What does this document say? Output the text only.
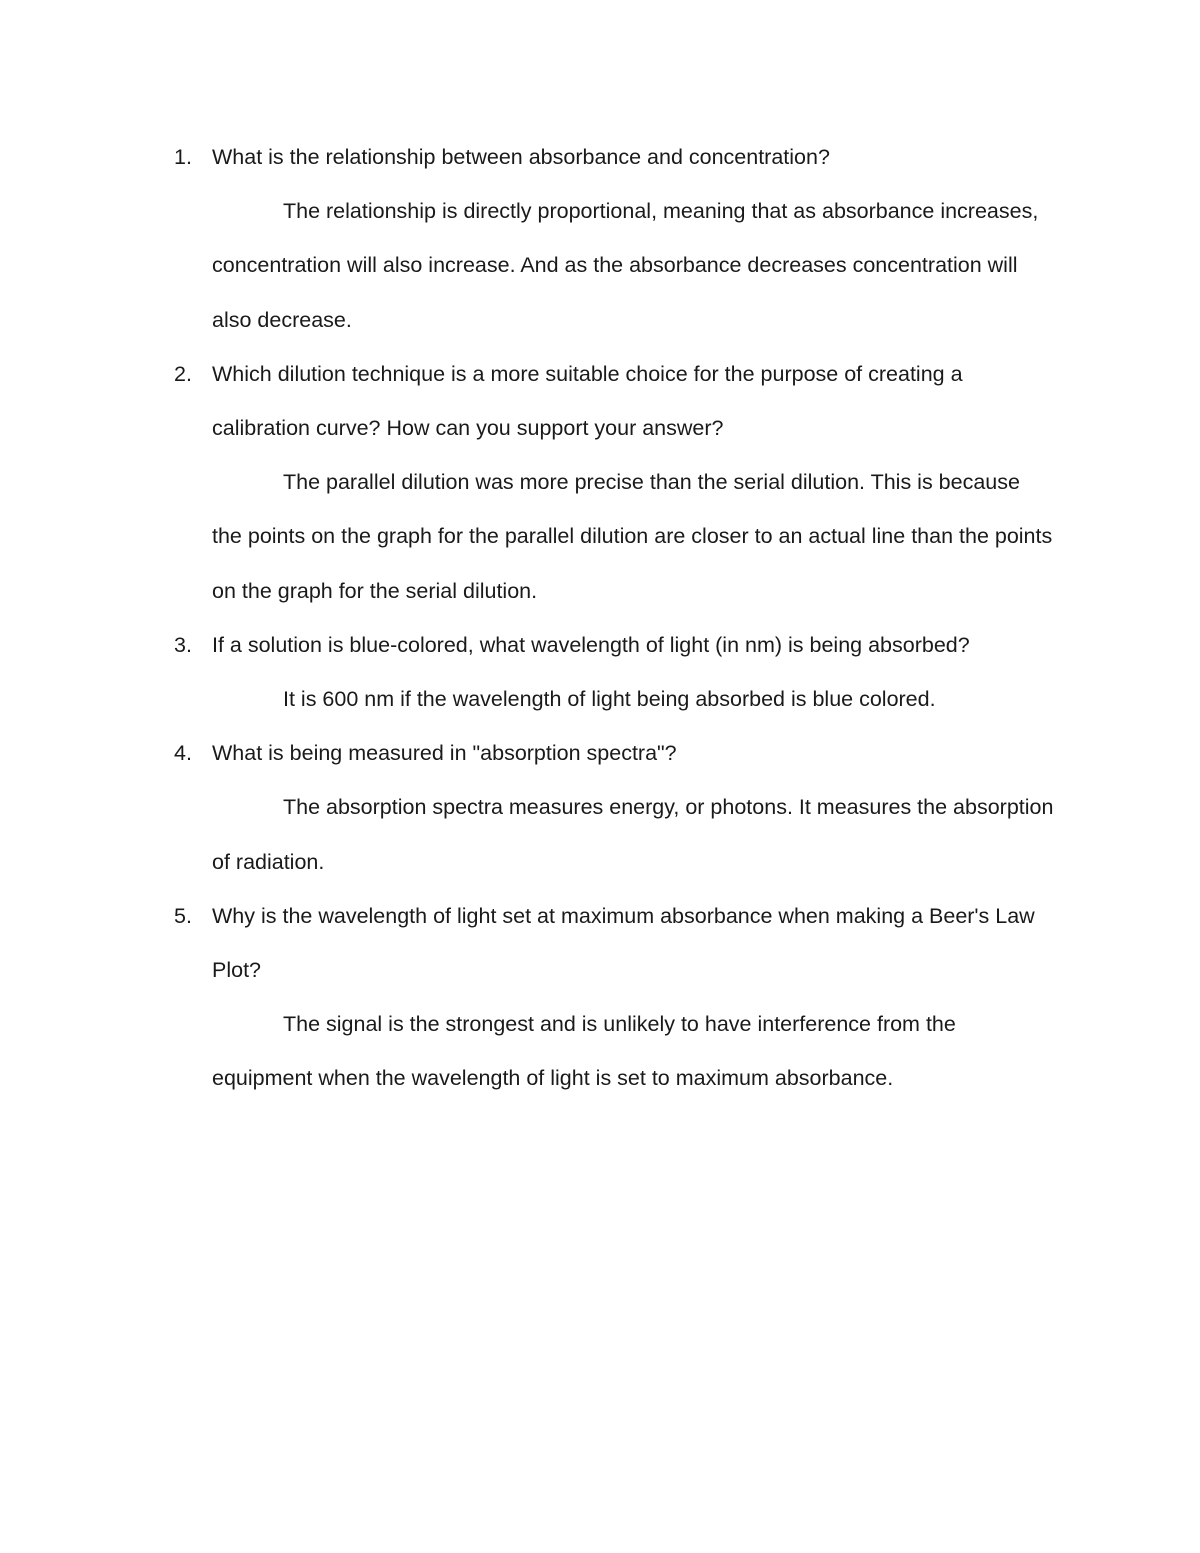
1. What is the relationship between absorbance and concentration?

The relationship is directly proportional, meaning that as absorbance increases, concentration will also increase. And as the absorbance decreases concentration will also decrease.

2. Which dilution technique is a more suitable choice for the purpose of creating a calibration curve? How can you support your answer?

The parallel dilution was more precise than the serial dilution. This is because the points on the graph for the parallel dilution are closer to an actual line than the points on the graph for the serial dilution.

3. If a solution is blue-colored, what wavelength of light (in nm) is being absorbed?

It is 600 nm if the wavelength of light being absorbed is blue colored.

4. What is being measured in "absorption spectra"?

The absorption spectra measures energy, or photons. It measures the absorption of radiation.

5. Why is the wavelength of light set at maximum absorbance when making a Beer's Law Plot?

The signal is the strongest and is unlikely to have interference from the equipment when the wavelength of light is set to maximum absorbance.
